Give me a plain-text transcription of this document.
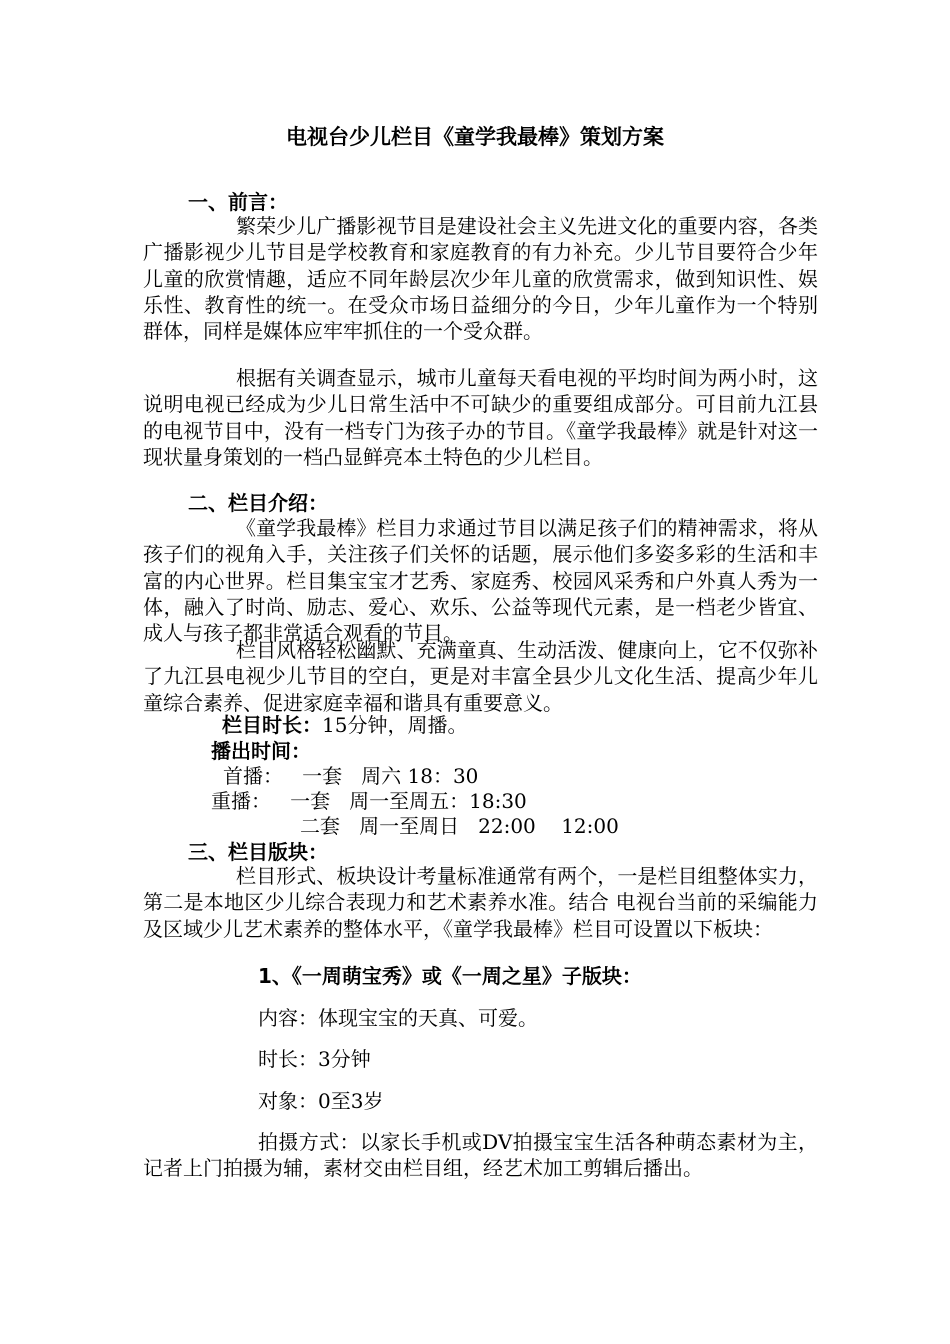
电视台少儿栏目《童学我最棒》策划方案
一、前言：
繁荣少儿广播影视节目是建设社会主义先进文化的重要内容，各类广播影视少儿节目是学校教育和家庭教育的有力补充。少儿节目要符合少年儿童的欣赏情趣，适应不同年龄层次少年儿童的欣赏需求，做到知识性、娱乐性、教育性的统一。在受众市场日益细分的今日，少年儿童作为一个特别群体，同样是媒体应牢牢抓住的一个受众群。
根据有关调查显示，城市儿童每天看电视的平均时间为两小时，这说明电视已经成为少儿日常生活中不可缺少的重要组成部分。可目前九江县的电视节目中，没有一档专门为孩子办的节目。《童学我最棒》就是针对这一现状量身策划的一档凸显鲜亮本土特色的少儿栏目。
二、栏目介绍：
《童学我最棒》栏目力求通过节目以满足孩子们的精神需求，将从孩子们的视角入手，关注孩子们关怀的话题，展示他们多姿多彩的生活和丰富的内心世界。栏目集宝宝才艺秀、家庭秀、校园风采秀和户外真人秀为一体，融入了时尚、励志、爱心、欢乐、公益等现代元素，是一档老少皆宜、成人与孩子都非常适合观看的节目。
栏目风格轻松幽默、充满童真、生动活泼、健康向上，它不仅弥补了九江县电视少儿节目的空白，更是对丰富全县少儿文化生活、提高少年儿童综合素养、促进家庭幸福和谐具有重要意义。
栏目时长：15分钟，周播。
播出时间：
首播：   一套   周六 18：30
重播：   一套   周一至周五：18:30
二套   周一至周日   22:00    12:00
三、栏目版块：
栏目形式、板块设计考量标准通常有两个，一是栏目组整体实力，第二是本地区少儿综合表现力和艺术素养水准。结合 电视台当前的采编能力及区域少儿艺术素养的整体水平，《童学我最棒》栏目可设置以下板块：
1、《一周萌宝秀》或《一周之星》子版块：
内容：体现宝宝的天真、可爱。
时长：3分钟
对象：0至3岁
拍摄方式：以家长手机或DV拍摄宝宝生活各种萌态素材为主，记者上门拍摄为辅，素材交由栏目组，经艺术加工剪辑后播出。
